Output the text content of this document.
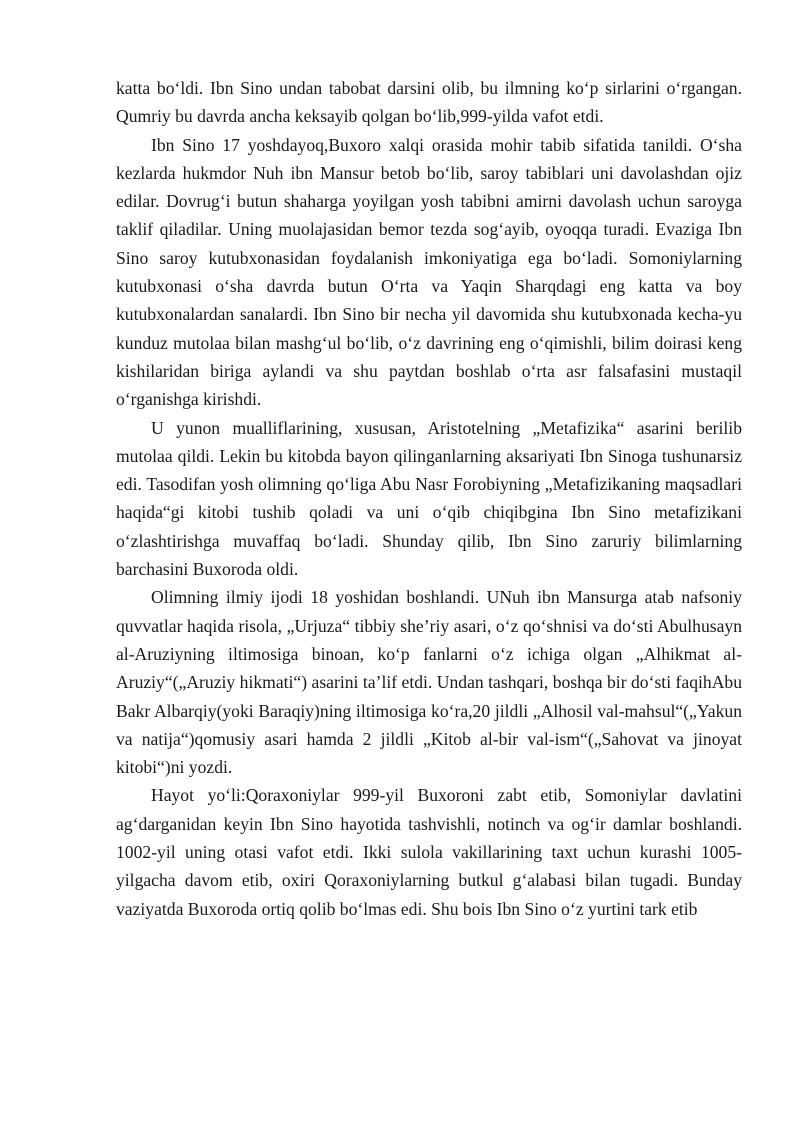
katta bo‘ldi. Ibn Sino undan tabobat darsini olib, bu ilmning ko‘p sirlarini o‘rgangan. Qumriy bu davrda ancha keksayib qolgan bo‘lib,999-yilda vafot etdi.

Ibn Sino 17 yoshdayoq,Buxoro xalqi orasida mohir tabib sifatida tanildi. O‘sha kezlarda hukmdor Nuh ibn Mansur betob bo‘lib, saroy tabiblari uni davolashdan ojiz edilar. Dovrug‘i butun shaharga yoyilgan yosh tabibni amirni davolash uchun saroyga taklif qiladilar. Uning muolajasidan bemor tezda sog‘ayib, oyoqqa turadi. Evaziga Ibn Sino saroy kutubxonasidan foydalanish imkoniyatiga ega bo‘ladi. Somoniylarning kutubxonasi o‘sha davrda butun O‘rta va Yaqin Sharqdagi eng katta va boy kutubxonalardan sanalardi. Ibn Sino bir necha yil davomida shu kutubxonada kecha-yu kunduz mutolaa bilan mashg‘ul bo‘lib, o‘z davrining eng o‘qimishli, bilim doirasi keng kishilaridan biriga aylandi va shu paytdan boshlab o‘rta asr falsafasini mustaqil o‘rganishga kirishdi.

U yunon mualliflarining, xususan, Aristotelning „Metafizika“ asarini berilib mutolaa qildi. Lekin bu kitobda bayon qilinganlarning aksariyati Ibn Sinoga tushunarsiz edi. Tasodifan yosh olimning qo‘liga Abu Nasr Forobiyning „Metafizikaning maqsadlari haqida“gi kitobi tushib qoladi va uni o‘qib chiqibgina Ibn Sino metafizikani o‘zlashtirishga muvaffaq bo‘ladi. Shunday qilib, Ibn Sino zaruriy bilimlarning barchasini Buxoroda oldi.

Olimning ilmiy ijodi 18 yoshidan boshlandi. UNuh ibn Mansurga atab nafsoniy quvvatlar haqida risola, „Urjuza“ tibbiy she’riy asari, o‘z qo‘shnisi va do‘sti Abulhusayn al-Aruziyning iltimosiga binoan, ko‘p fanlarni o‘z ichiga olgan „Alhikmat al-Aruziy“(„Aruziy hikmati“) asarini ta’lif etdi. Undan tashqari, boshqa bir do‘sti faqihAbu Bakr Albarqiy(yoki Baraqiy)ning iltimosiga ko‘ra,20 jildli „Alhosil val-mahsul“(„Yakun va natija“)qomusiy asari hamda 2 jildli „Kitob al-bir val-ism“(„Sahovat va jinoyat kitobi“)ni yozdi.

Hayot yo‘li:Qoraxoniylar 999-yil Buxoroni zabt etib, Somoniylar davlatini ag‘darganidan keyin Ibn Sino hayotida tashvishli, notinch va og‘ir damlar boshlandi. 1002-yil uning otasi vafot etdi. Ikki sulola vakillarining taxt uchun kurashi 1005-yilgacha davom etib, oxiri Qoraxoniylarning butkul g‘alabasi bilan tugadi. Bunday vaziyatda Buxoroda ortiq qolib bo‘lmas edi. Shu bois Ibn Sino o‘z yurtini tark etib
